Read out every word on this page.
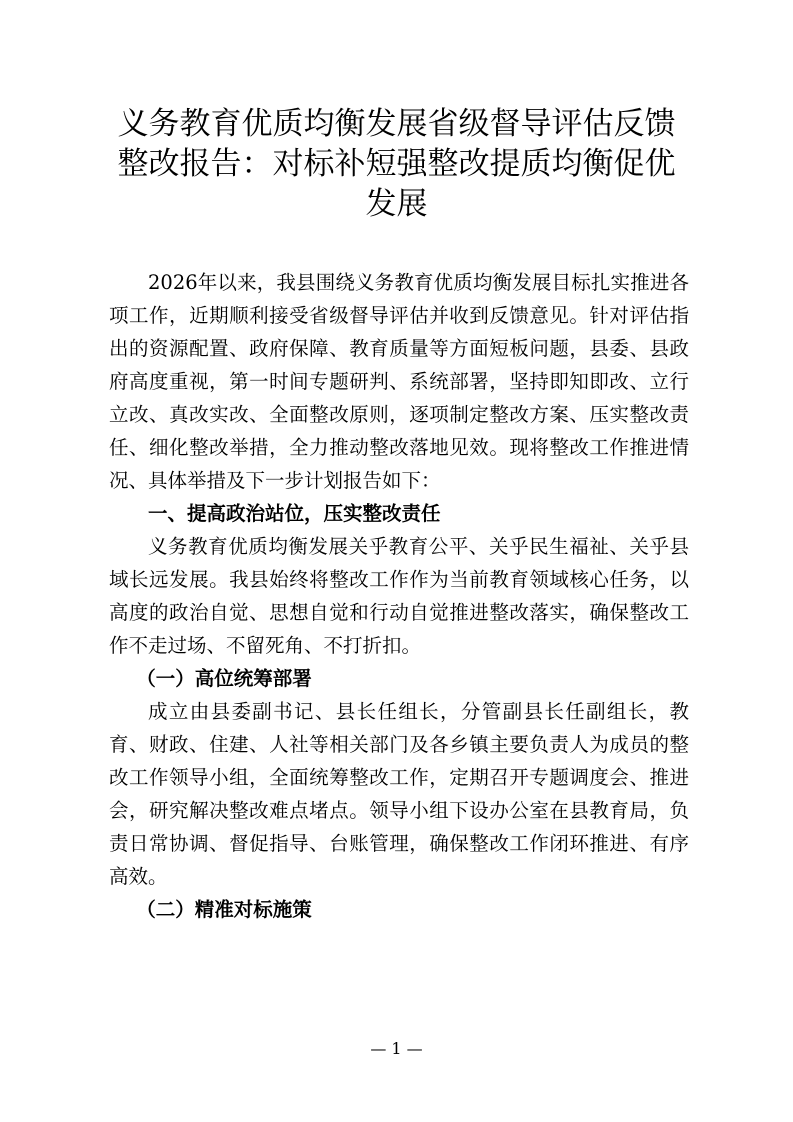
义务教育优质均衡发展省级督导评估反馈
整改报告：对标补短强整改提质均衡促优
发展

2026年以来，我县围绕义务教育优质均衡发展目标扎实推进各项工作，近期顺利接受省级督导评估并收到反馈意见。针对评估指出的资源配置、政府保障、教育质量等方面短板问题，县委、县政府高度重视，第一时间专题研判、系统部署，坚持即知即改、立行立改、真改实改、全面整改原则，逐项制定整改方案、压实整改责任、细化整改举措，全力推动整改落地见效。现将整改工作推进情况、具体举措及下一步计划报告如下：

一、提高政治站位，压实整改责任

义务教育优质均衡发展关乎教育公平、关乎民生福祉、关乎县域长远发展。我县始终将整改工作作为当前教育领域核心任务，以高度的政治自觉、思想自觉和行动自觉推进整改落实，确保整改工作不走过场、不留死角、不打折扣。

（一）高位统筹部署

成立由县委副书记、县长任组长，分管副县长任副组长，教育、财政、住建、人社等相关部门及各乡镇主要负责人为成员的整改工作领导小组，全面统筹整改工作，定期召开专题调度会、推进会，研究解决整改难点堵点。领导小组下设办公室在县教育局，负责日常协调、督促指导、台账管理，确保整改工作闭环推进、有序高效。

（二）精准对标施策
— 1 —
